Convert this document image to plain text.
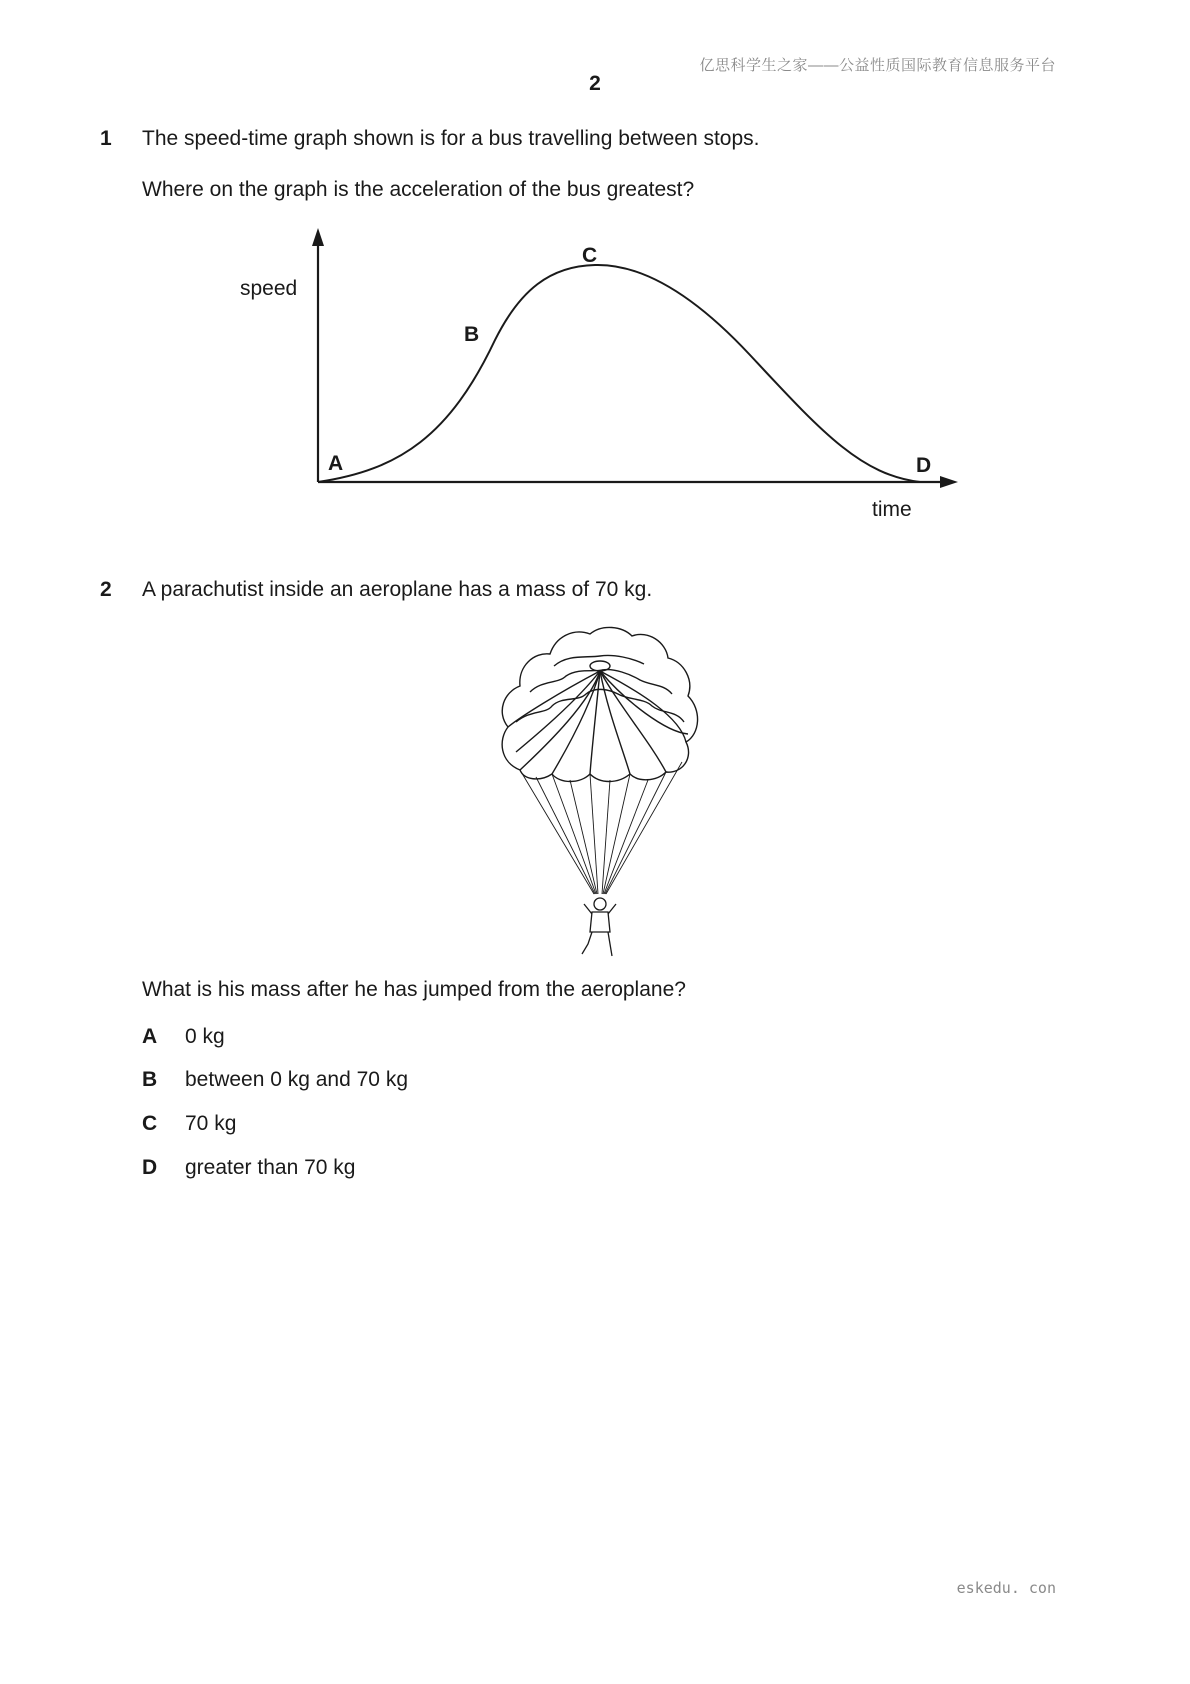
亿思科学生之家——公益性质国际教育信息服务平台
2
1 The speed-time graph shown is for a bus travelling between stops.
Where on the graph is the acceleration of the bus greatest?
speed
time
A
B
C
D
2 A parachutist inside an aeroplane has a mass of 70 kg.
What is his mass after he has jumped from the aeroplane?
A 0 kg
B between 0 kg and 70 kg
C 70 kg
D greater than 70 kg
eskedu. con
